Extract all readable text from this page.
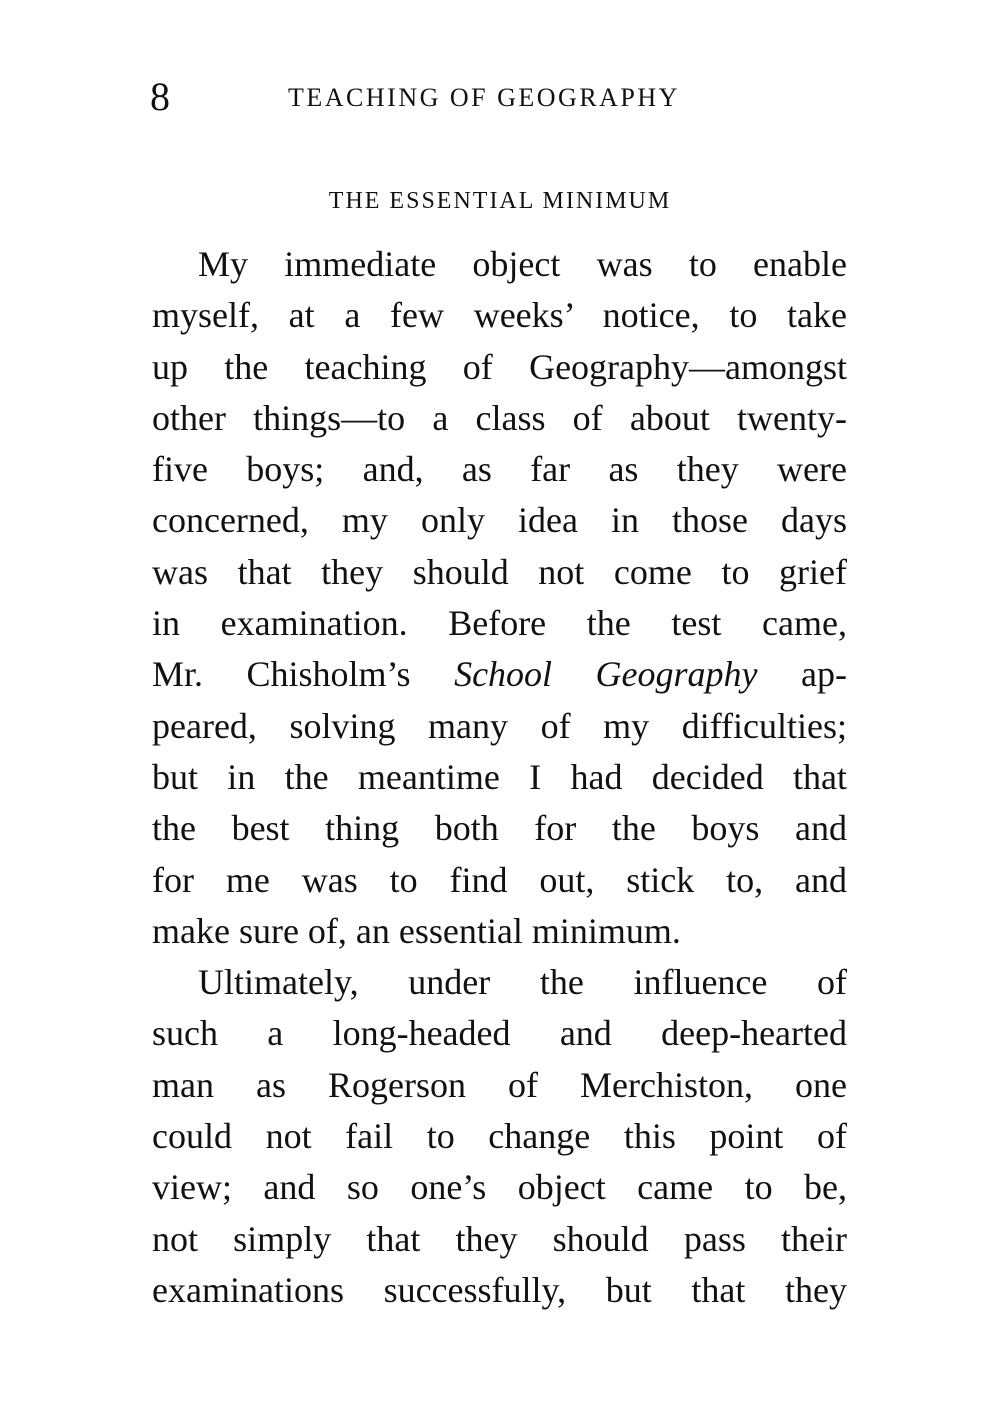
8	TEACHING OF GEOGRAPHY
THE ESSENTIAL MINIMUM
My immediate object was to enable
myself, at a few weeks’ notice, to take
up the teaching of Geography—amongst
other things—to a class of about twenty-
five boys; and, as far as they were
concerned, my only idea in those days
was that they should not come to grief
in examination. Before the test came,
Mr. Chisholm’s School Geography ap-
peared, solving many of my difficulties;
but in the meantime I had decided that
the best thing both for the boys and
for me was to find out, stick to, and
make sure of, an essential minimum.
Ultimately, under the influence of
such a long-headed and deep-hearted
man as Rogerson of Merchiston, one
could not fail to change this point of
view; and so one’s object came to be,
not simply that they should pass their
examinations successfully, but that they
